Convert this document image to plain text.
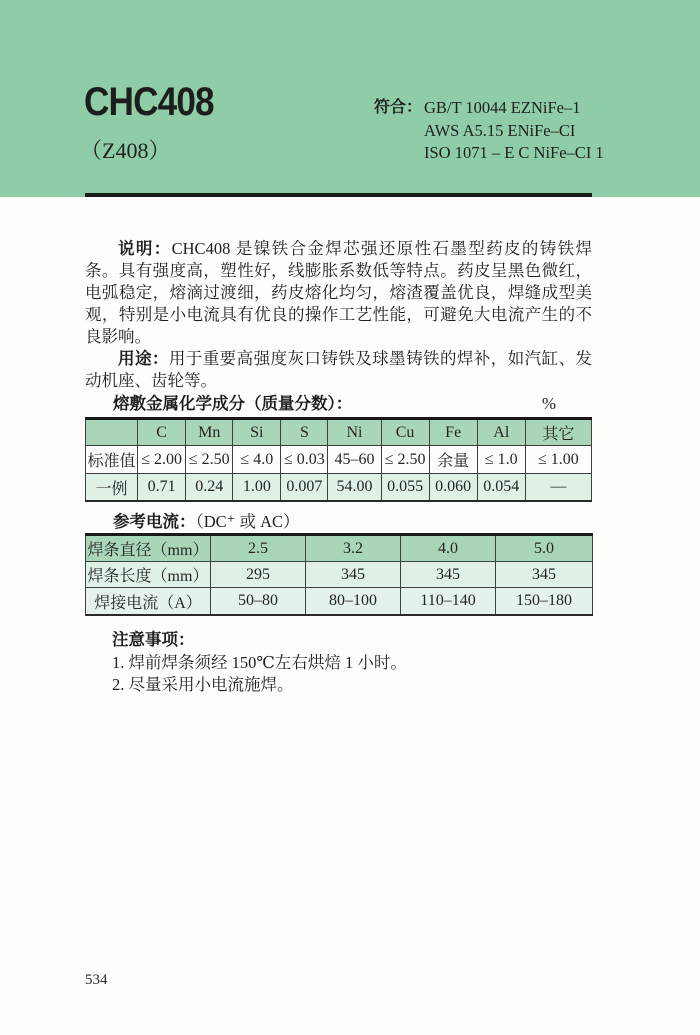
CHC408
（Z408）
符合： GB/T 10044 EZNiFe–1
AWS A5.15 ENiFe–CI
ISO 1071 – E C NiFe–CI 1

说明：CHC408 是镍铁合金焊芯强还原性石墨型药皮的铸铁焊条。具有强度高，塑性好，线膨胀系数低等特点。药皮呈黑色微红，电弧稳定，熔滴过渡细，药皮熔化均匀，熔渣覆盖优良，焊缝成型美观，特别是小电流具有优良的操作工艺性能，可避免大电流产生的不良影响。

用途：用于重要高强度灰口铸铁及球墨铸铁的焊补，如汽缸、发动机座、齿轮等。

熔敷金属化学成分（质量分数）：	%
	C	Mn	Si	S	Ni	Cu	Fe	Al	其它
标准值	≤ 2.00	≤ 2.50	≤ 4.0	≤ 0.03	45–60	≤ 2.50	余量	≤ 1.0	≤ 1.00
一例	0.71	0.24	1.00	0.007	54.00	0.055	0.060	0.054	—
参考电流：（DC⁺ 或 AC）
焊条直径（mm）	2.5	3.2	4.0	5.0
焊条长度（mm）	295	345	345	345
焊接电流（A）	50–80	80–100	110–140	150–180
注意事项：
1. 焊前焊条须经 150℃左右烘焙 1 小时。
2. 尽量采用小电流施焊。
534
